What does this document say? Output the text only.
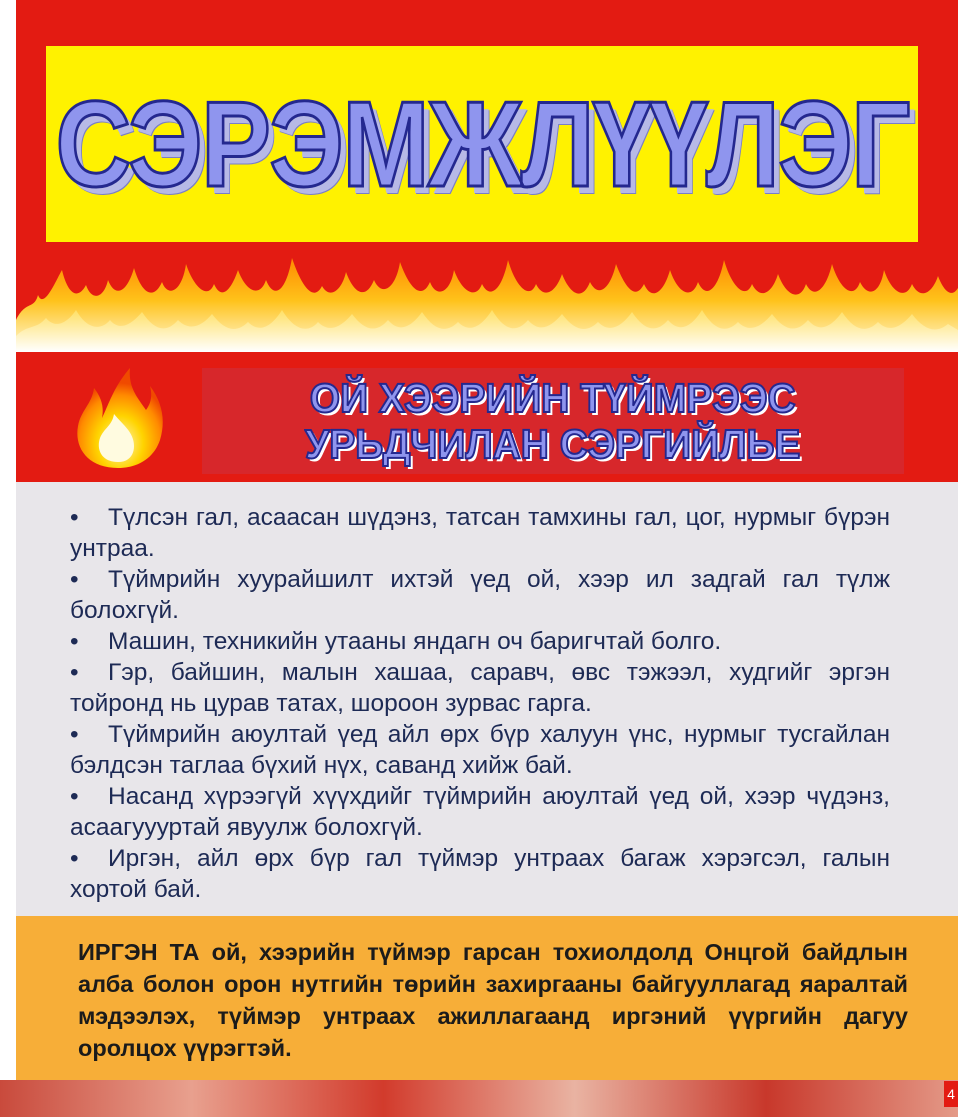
СЭРЭМЖЛҮҮЛЭГ
ОЙ ХЭЭРИЙН ТҮЙМРЭЭС
УРЬДЧИЛАН СЭРГИЙЛЬЕ
• Түлсэн гал, асаасан шүдэнз, татсан тамхины гал, цог, нурмыг бүрэн унтраа.
• Түймрийн хуурайшилт ихтэй үед ой, хээр ил задгай гал түлж болохгүй.
• Машин, техникийн утааны яндагн оч баригчтай болго.
• Гэр, байшин, малын хашаа, саравч, өвс тэжээл, худгийг эргэн тойронд нь цурав татах, шороон зурвас гарга.
• Түймрийн аюултай үед айл өрх бүр халуун үнс, нурмыг тусгайлан бэлдсэн таглаа бүхий нүх, саванд хийж бай.
• Насанд хүрээгүй хүүхдийг түймрийн аюултай үед ой, хээр чүдэнз,      асаагуууртай явуулж болохгүй.
• Иргэн, айл өрх бүр гал түймэр унтраах багаж хэрэгсэл, галын хортой бай.

ИРГЭН ТА ой, хээрийн түймэр гарсан тохиолдолд Онцгой байдлын алба болон орон нутгийн төрийн захиргааны байгууллагад яаралтай мэдээлэх, түймэр унтраах ажиллагаанд иргэний үүргийн дагуу оролцох үүрэгтэй.

4
